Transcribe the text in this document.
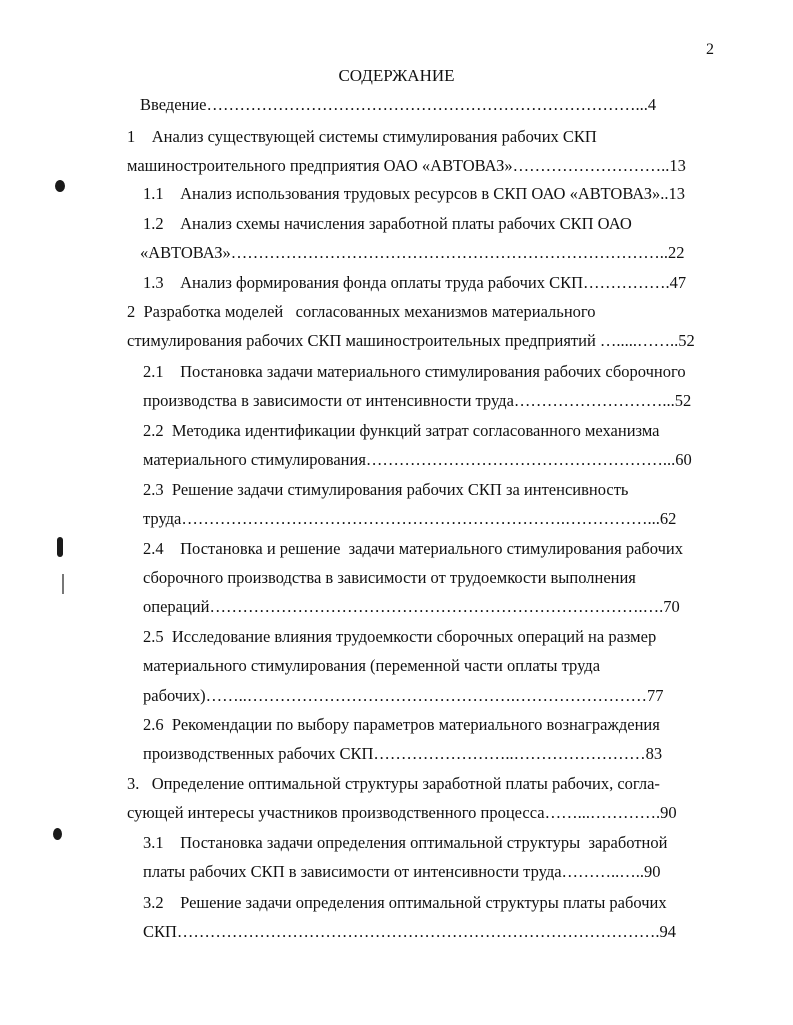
2
СОДЕРЖАНИЕ
Введение……………………………………………………………………...4
1    Анализ существующей системы стимулирования рабочих СКП
машиностроительного предприятия ОАО «АВТОВАЗ»………………………..13
1.1    Анализ использования трудовых ресурсов в СКП ОАО «АВТОВАЗ»..13
1.2    Анализ схемы начисления заработной платы рабочих СКП ОАО
«АВТОВАЗ»……………………………………………………………………..22
1.3    Анализ формирования фонда оплаты труда рабочих СКП…………….47
2  Разработка моделей   согласованных механизмов материального
стимулирования рабочих СКП машиностроительных предприятий ….....……..52
2.1    Постановка задачи материального стимулирования рабочих сборочного
производства в зависимости от интенсивности труда………………………...52
2.2  Методика идентификации функций затрат согласованного механизма
материального стимулирования………………………………………………...60
2.3  Решение задачи стимулирования рабочих СКП за интенсивность
труда…………………………………………………………….……………...62
2.4    Постановка и решение  задачи материального стимулирования рабочих
сборочного производства в зависимости от трудоемкости выполнения
операций…………………………………………………………………….….70
2.5  Исследование влияния трудоемкости сборочных операций на размер
материального стимулирования (переменной части оплаты труда
рабочих)……..………………………………………….……………………77
2.6  Рекомендации по выбору параметров материального вознаграждения
производственных рабочих СКП……………………..……………………83
3.   Определение оптимальной структуры заработной платы рабочих, согла-
сующей интересы участников производственного процесса……...………….90
3.1    Постановка задачи определения оптимальной структуры  заработной
платы рабочих СКП в зависимости от интенсивности труда………..…..90
3.2    Решение задачи определения оптимальной структуры платы рабочих
СКП…………………………………………………………………………….94
